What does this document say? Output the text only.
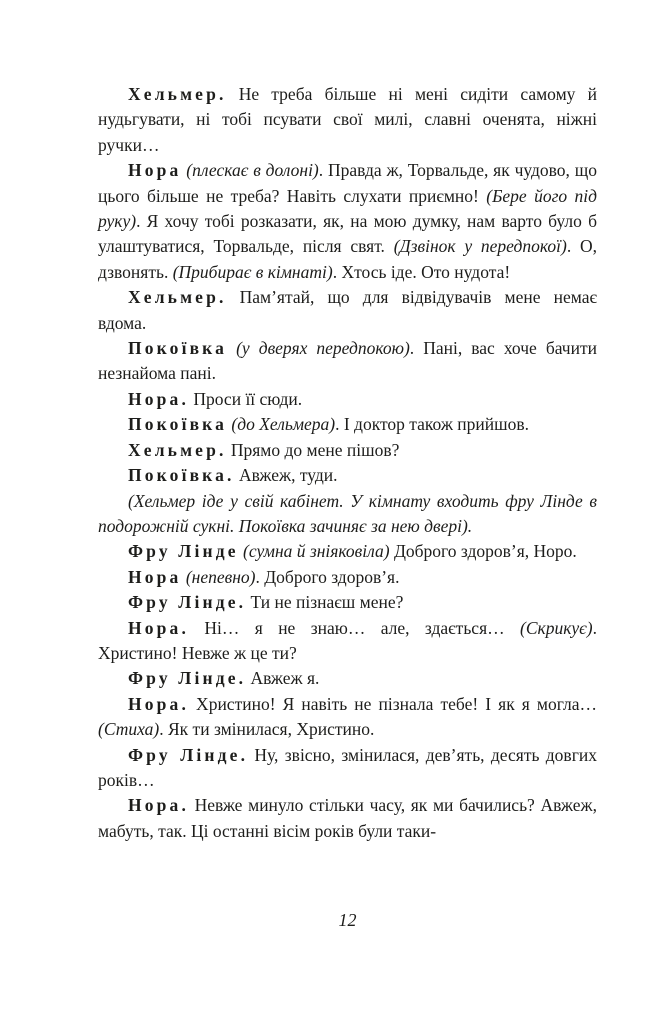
Хельмер. Не треба більше ні мені сидіти самому й нудьгувати, ні тобі псувати свої милі, славні оченята, ніжні ручки…

Нора (плескає в долоні). Правда ж, Торвальде, як чудово, що цього більше не треба? Навіть слухати приємно! (Бере його під руку). Я хочу тобі розказати, як, на мою думку, нам варто було б улаштуватися, Торвальде, після свят. (Дзвінок у передпокої). О, дзвонять. (Прибирає в кімнаті). Хтось іде. Ото нудота!

Хельмер. Пам’ятай, що для відвідувачів мене немає вдома.

Покоївка (у дверях передпокою). Пані, вас хоче бачити незнайома пані.

Нора. Проси її сюди.

Покоївка (до Хельмера). І доктор також прийшов.

Хельмер. Прямо до мене пішов?

Покоївка. Авжеж, туди.

(Хельмер іде у свій кабінет. У кімнату входить фру Лінде в подорожній сукні. Покоївка зачиняє за нею двері).

Фру Лінде (сумна й зніяковіла) Доброго здоров’я, Норо.

Нора (непевно). Доброго здоров’я.

Фру Лінде. Ти не пізнаєш мене?

Нора. Ні… я не знаю… але, здається… (Скрикує). Христино! Невже ж це ти?

Фру Лінде. Авжеж я.

Нора. Христино! Я навіть не пізнала тебе! І як я могла… (Стиха). Як ти змінилася, Христино.

Фру Лінде. Ну, звісно, змінилася, дев’ять, десять довгих років…

Нора. Невже минуло стільки часу, як ми бачились? Авжеж, мабуть, так. Ці останні вісім років були таки-

12
